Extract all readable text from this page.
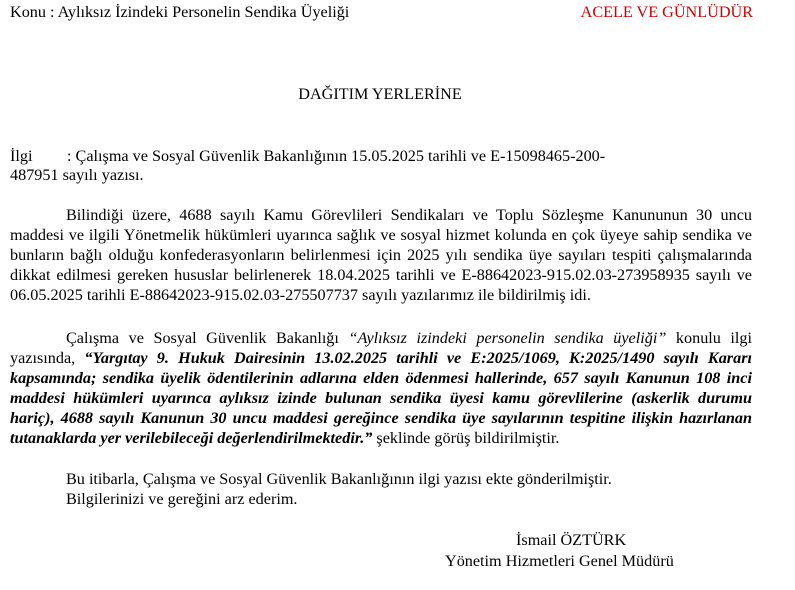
Konu : Aylıksız İzindeki Personelin Sendika Üyeliği	ACELE VE GÜNLÜDÜR
DAĞITIM YERLERİNE
İlgi : Çalışma ve Sosyal Güvenlik Bakanlığının 15.05.2025 tarihli ve E-15098465-200-
487951 sayılı yazısı.
Bilindiği üzere, 4688 sayılı Kamu Görevlileri Sendikaları ve Toplu Sözleşme Kanununun 30 uncu maddesi ve ilgili Yönetmelik hükümleri uyarınca sağlık ve sosyal hizmet kolunda en çok üyeye sahip sendika ve bunların bağlı olduğu konfederasyonların belirlenmesi için 2025 yılı sendika üye sayıları tespiti çalışmalarında dikkat edilmesi gereken hususlar belirlenerek 18.04.2025 tarihli ve E-88642023-915.02.03-273958935 sayılı ve 06.05.2025 tarihli E-88642023-915.02.03-275507737 sayılı yazılarımız ile bildirilmiş idi.
Çalışma ve Sosyal Güvenlik Bakanlığı “Aylıksız izindeki personelin sendika üyeliği” konulu ilgi yazısında, “Yargıtay 9. Hukuk Dairesinin 13.02.2025 tarihli ve E:2025/1069, K:2025/1490 sayılı Kararı kapsamında; sendika üyelik ödentilerinin adlarına elden ödenmesi hallerinde, 657 sayılı Kanunun 108 inci maddesi hükümleri uyarınca aylıksız izinde bulunan sendika üyesi kamu görevlilerine (askerlik durumu hariç), 4688 sayılı Kanunun 30 uncu maddesi gereğince sendika üye sayılarının tespitine ilişkin hazırlanan tutanaklarda yer verilebileceği değerlendirilmektedir.” şeklinde görüş bildirilmiştir.
Bu itibarla, Çalışma ve Sosyal Güvenlik Bakanlığının ilgi yazısı ekte gönderilmiştir.
Bilgilerinizi ve gereğini arz ederim.
İsmail ÖZTÜRK
Yönetim Hizmetleri Genel Müdürü
